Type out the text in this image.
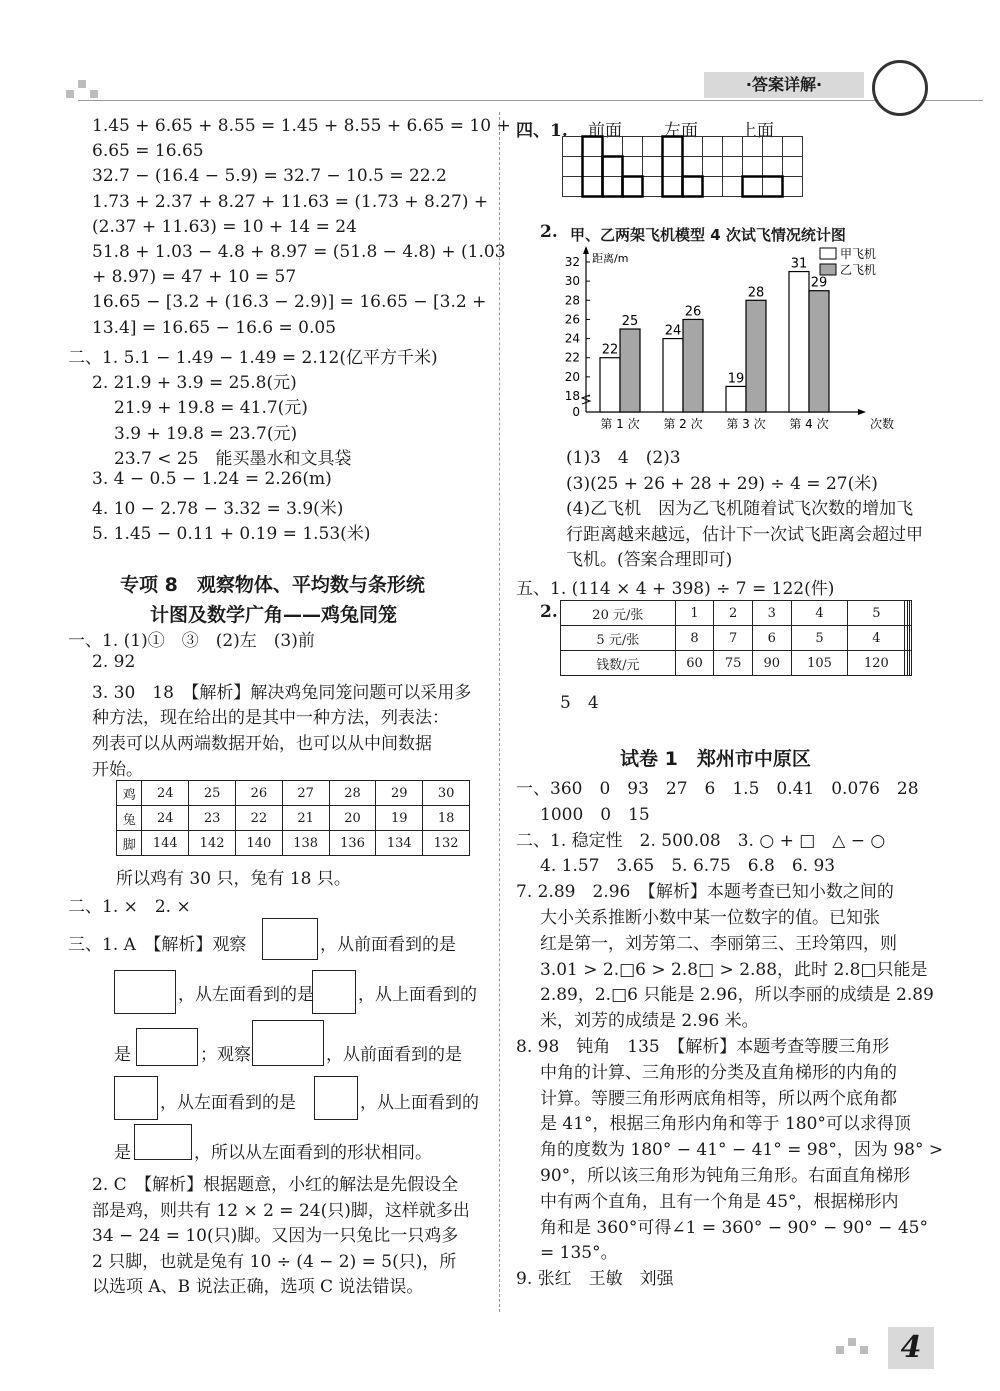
·答案详解·
1.45 + 6.65 + 8.55 = 1.45 + 8.55 + 6.65 = 10 +
6.65 = 16.65
32.7 − (16.4 − 5.9) = 32.7 − 10.5 = 22.2
1.73 + 2.37 + 8.27 + 11.63 = (1.73 + 8.27) +
(2.37 + 11.63) = 10 + 14 = 24
51.8 + 1.03 − 4.8 + 8.97 = (51.8 − 4.8) + (1.03
+ 8.97) = 47 + 10 = 57
16.65 − [3.2 + (16.3 − 2.9)] = 16.65 − [3.2 +
13.4] = 16.65 − 16.6 = 0.05
二、1. 5.1 − 1.49 − 1.49 = 2.12(亿平方千米)
2. 21.9 + 3.9 = 25.8(元)
21.9 + 19.8 = 41.7(元)
3.9 + 19.8 = 23.7(元)
23.7 < 25　能买墨水和文具袋
3. 4 − 0.5 − 1.24 = 2.26(m)
4. 10 − 2.78 − 3.32 = 3.9(米)
5. 1.45 − 0.11 + 0.19 = 1.53(米)
专项 8　观察物体、平均数与条形统
计图及数学广角——鸡兔同笼
一、1. (1)①　③　(2)左　(3)前
2. 92
3. 30　18　【解析】解决鸡兔同笼问题可以采用多
种方法，现在给出的是其中一种方法，列表法：
列表可以从两端数据开始，也可以从中间数据
开始。
鸡	24	25	26	27	28	29	30
兔	24	23	22	21	20	19	18
脚	144	142	140	138	136	134	132
所以鸡有 30 只，兔有 18 只。
二、1. ×　2. ×
三、1. A　【解析】观察	，从前面看到的是
，从左面看到的是	，从上面看到的
是	；观察	，从前面看到的是
，从左面看到的是	，从上面看到的
是	，所以从左面看到的形状相同。
2. C　【解析】根据题意，小红的解法是先假设全
部是鸡，则共有 12 × 2 = 24(只)脚，这样就多出
34 − 24 = 10(只)脚。又因为一只兔比一只鸡多
2 只脚，也就是兔有 10 ÷ (4 − 2) = 5(只)，所
以选项 A、B 说法正确，选项 C 说法错误。
四、1. 前面 左面 上面
2. 甲、乙两架飞机模型 4 次试飞情况统计图
18
20
22
24
26
28
30
32
0
距离/m
次数
22
25
第 1 次
24
26
第 2 次
19
28
第 3 次
31
29
第 4 次
甲飞机
乙飞机
(1)3　4　(2)3
(3)(25 + 26 + 28 + 29) ÷ 4 = 27(米)
(4)乙飞机　因为乙飞机随着试飞次数的增加飞
行距离越来越远，估计下一次试飞距离会超过甲
飞机。(答案合理即可)
五、1. (114 × 4 + 398) ÷ 7 = 122(件)
2.	20 元/张	1	2	3	4	5			
5 元/张	8	7	6	5	4			
钱数/元	60	75	90	105	120			
5　4
试卷 1　郑州市中原区
一、360　0　93　27　6　1.5　0.41　0.076　28
1000　0　15
二、1. 稳定性　2. 500.08　3. ○ + □　△ − ○
4. 1.57　3.65　5. 6.75　6.8　6. 93
7. 2.89　2.96　【解析】本题考查已知小数之间的
大小关系推断小数中某一位数字的值。已知张
红是第一，刘芳第二、李丽第三、王玲第四，则
3.01 > 2.□6 > 2.8□ > 2.88，此时 2.8□只能是
2.89，2.□6 只能是 2.96，所以李丽的成绩是 2.89
米，刘芳的成绩是 2.96 米。
8. 98　钝角　135　【解析】本题考查等腰三角形
中角的计算、三角形的分类及直角梯形的内角的
计算。等腰三角形两底角相等，所以两个底角都
是 41°，根据三角形内角和等于 180°可以求得顶
角的度数为 180° − 41° − 41° = 98°，因为 98° >
90°，所以该三角形为钝角三角形。右面直角梯形
中有两个直角，且有一个角是 45°，根据梯形内
角和是 360°可得∠1 = 360° − 90° − 90° − 45°
= 135°。
9. 张红　王敏　刘强
4
